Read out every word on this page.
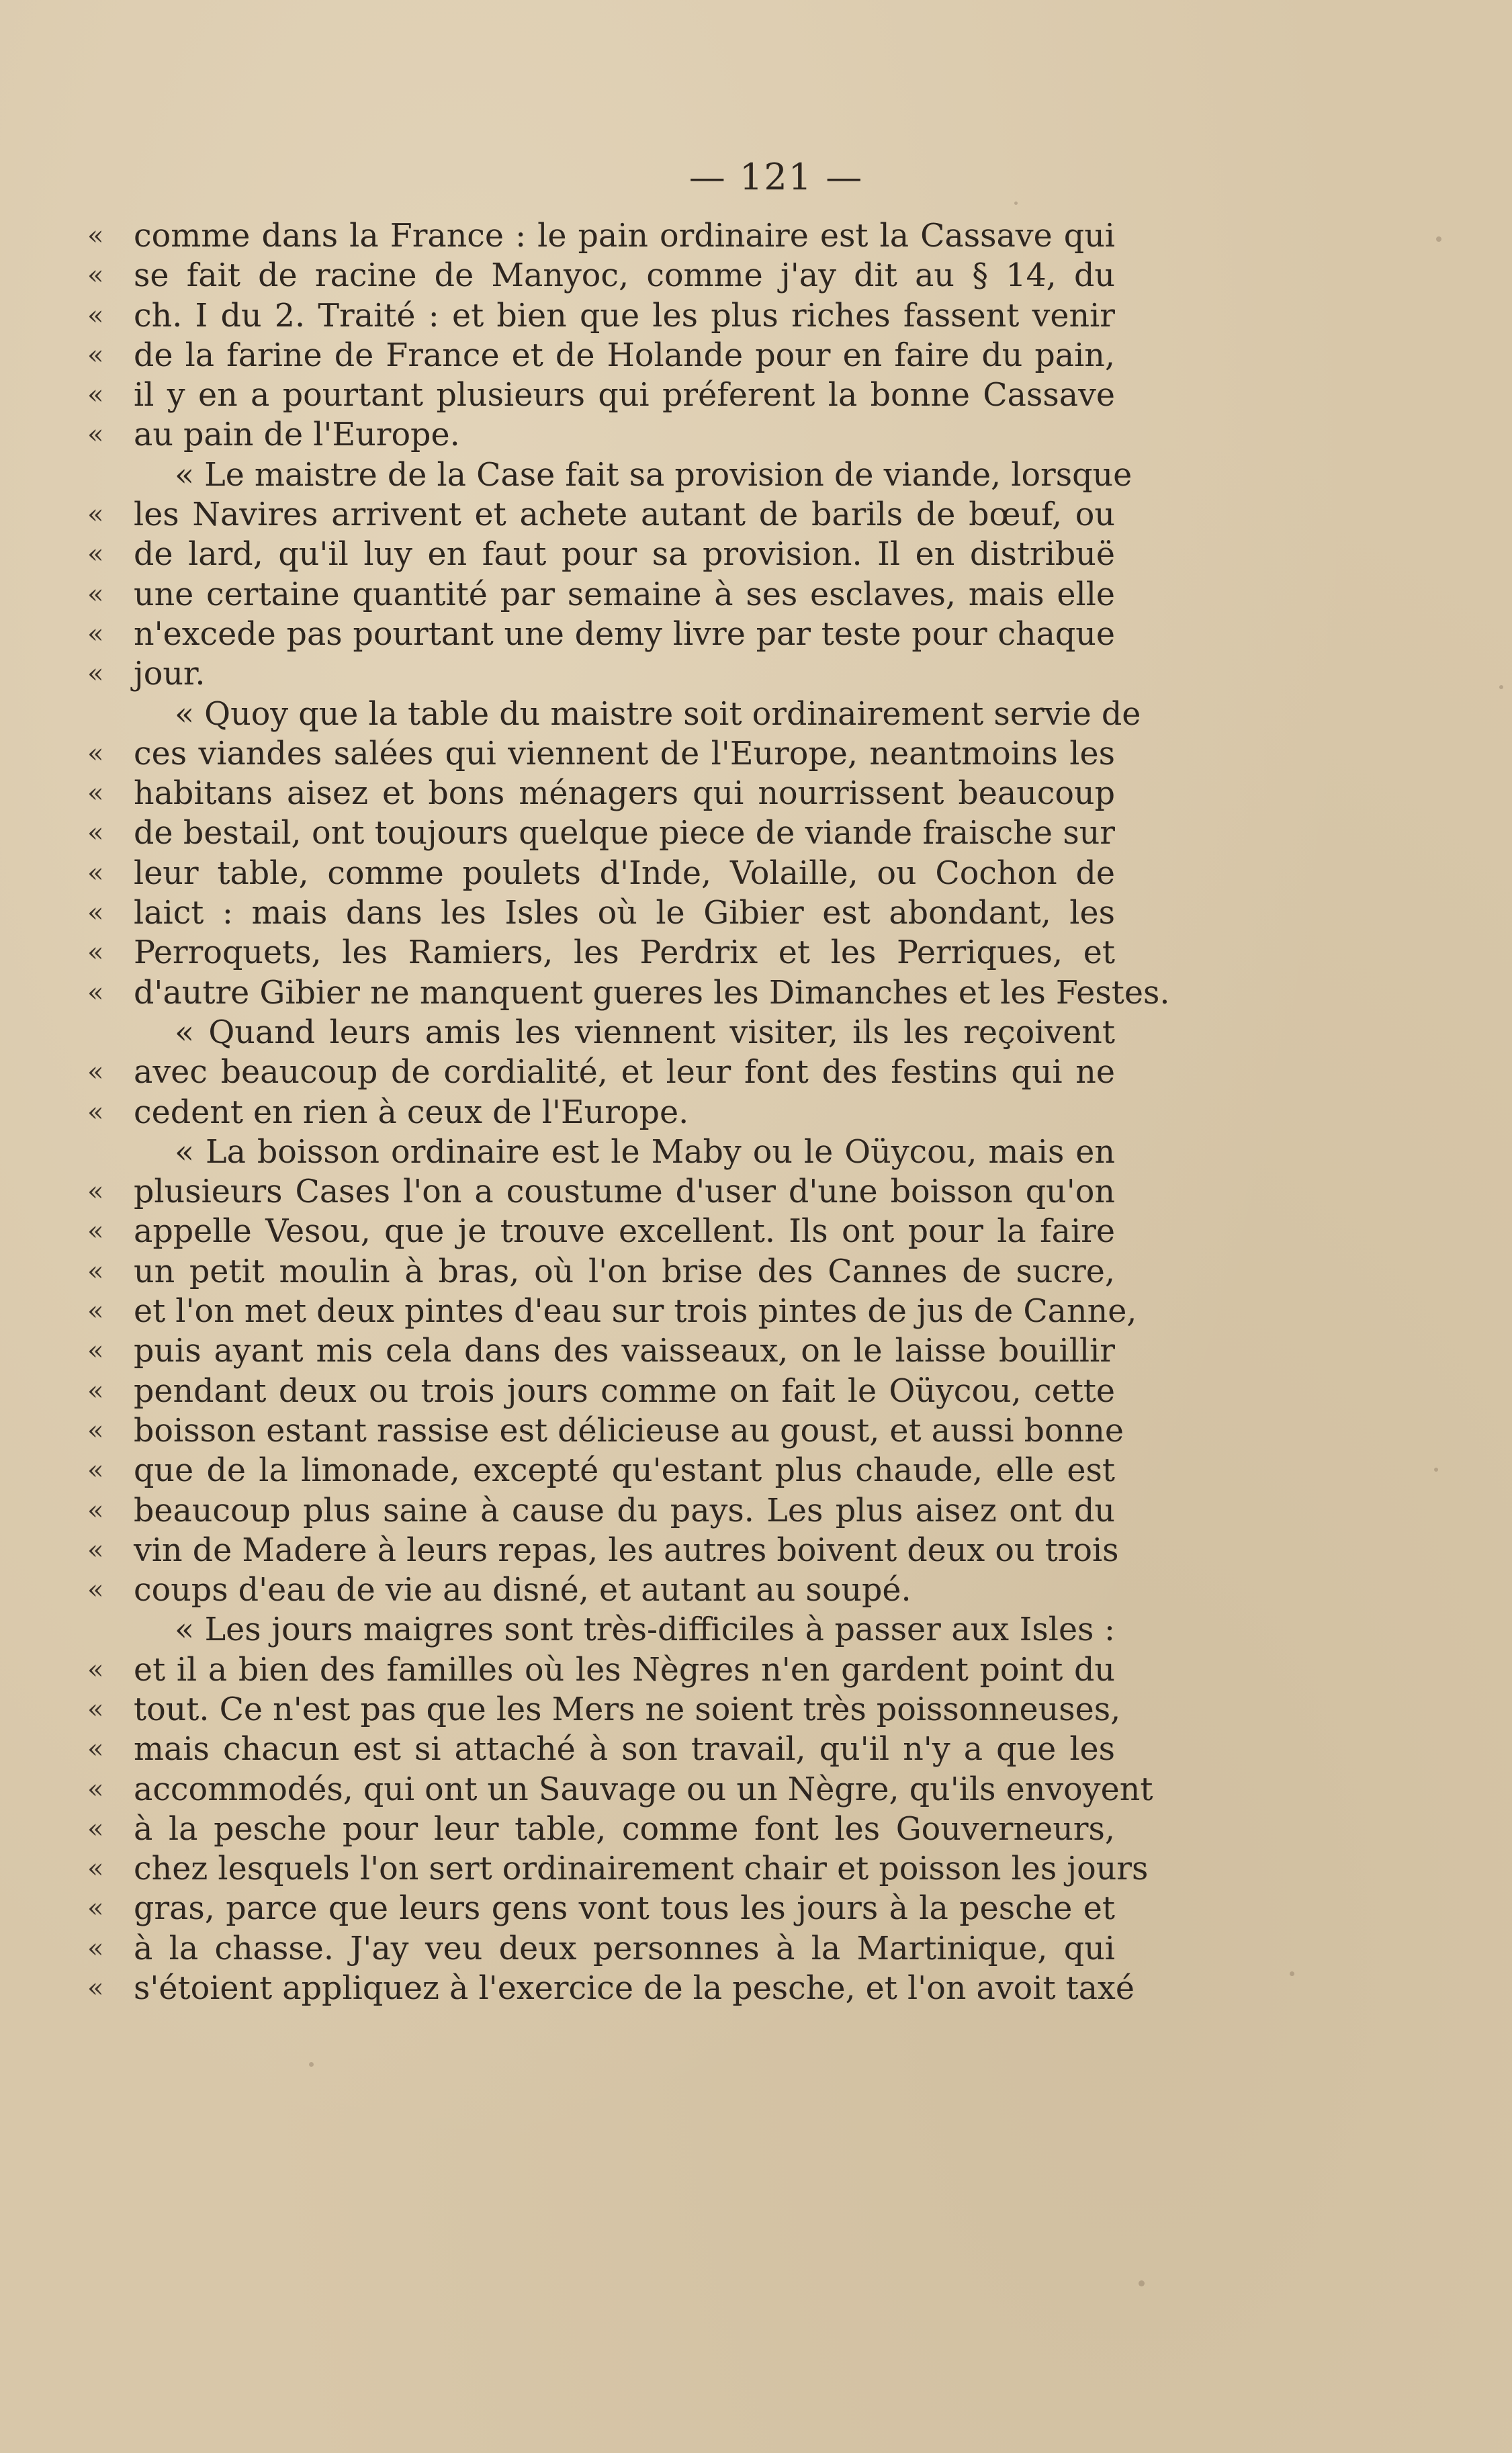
— 121 —
« comme dans la France : le pain ordinaire est la Cassave qui
« se fait de racine de Manyoc, comme j'ay dit au § 14, du
« ch. I du 2. Traité : et bien que les plus riches fassent venir
« de la farine de France et de Holande pour en faire du pain,
« il y en a pourtant plusieurs qui préferent la bonne Cassave
« au pain de l'Europe.
« Le maistre de la Case fait sa provision de viande, lorsque
« les Navires arrivent et achete autant de barils de bœuf, ou
« de lard, qu'il luy en faut pour sa provision. Il en distribuë
« une certaine quantité par semaine à ses esclaves, mais elle
« n'excede pas pourtant une demy livre par teste pour chaque
« jour.
« Quoy que la table du maistre soit ordinairement servie de
« ces viandes salées qui viennent de l'Europe, neantmoins les
« habitans aisez et bons ménagers qui nourrissent beaucoup
« de bestail, ont toujours quelque piece de viande fraische sur
« leur table, comme poulets d'Inde, Volaille, ou Cochon de
« laict : mais dans les Isles où le Gibier est abondant, les
« Perroquets, les Ramiers, les Perdrix et les Perriques, et
« d'autre Gibier ne manquent gueres les Dimanches et les Festes.
« Quand leurs amis les viennent visiter, ils les reçoivent
« avec beaucoup de cordialité, et leur font des festins qui ne
« cedent en rien à ceux de l'Europe.
« La boisson ordinaire est le Maby ou le Oüycou, mais en
« plusieurs Cases l'on a coustume d'user d'une boisson qu'on
« appelle Vesou, que je trouve excellent. Ils ont pour la faire
« un petit moulin à bras, où l'on brise des Cannes de sucre,
« et l'on met deux pintes d'eau sur trois pintes de jus de Canne,
« puis ayant mis cela dans des vaisseaux, on le laisse bouillir
« pendant deux ou trois jours comme on fait le Oüycou, cette
« boisson estant rassise est délicieuse au goust, et aussi bonne
« que de la limonade, excepté qu'estant plus chaude, elle est
« beaucoup plus saine à cause du pays. Les plus aisez ont du
« vin de Madere à leurs repas, les autres boivent deux ou trois
« coups d'eau de vie au disné, et autant au soupé.
« Les jours maigres sont très-difficiles à passer aux Isles :
« et il a bien des familles où les Nègres n'en gardent point du
« tout. Ce n'est pas que les Mers ne soient très poissonneuses,
« mais chacun est si attaché à son travail, qu'il n'y a que les
« accommodés, qui ont un Sauvage ou un Nègre, qu'ils envoyent
« à la pesche pour leur table, comme font les Gouverneurs,
« chez lesquels l'on sert ordinairement chair et poisson les jours
« gras, parce que leurs gens vont tous les jours à la pesche et
« à la chasse. J'ay veu deux personnes à la Martinique, qui
« s'étoient appliquez à l'exercice de la pesche, et l'on avoit taxé
